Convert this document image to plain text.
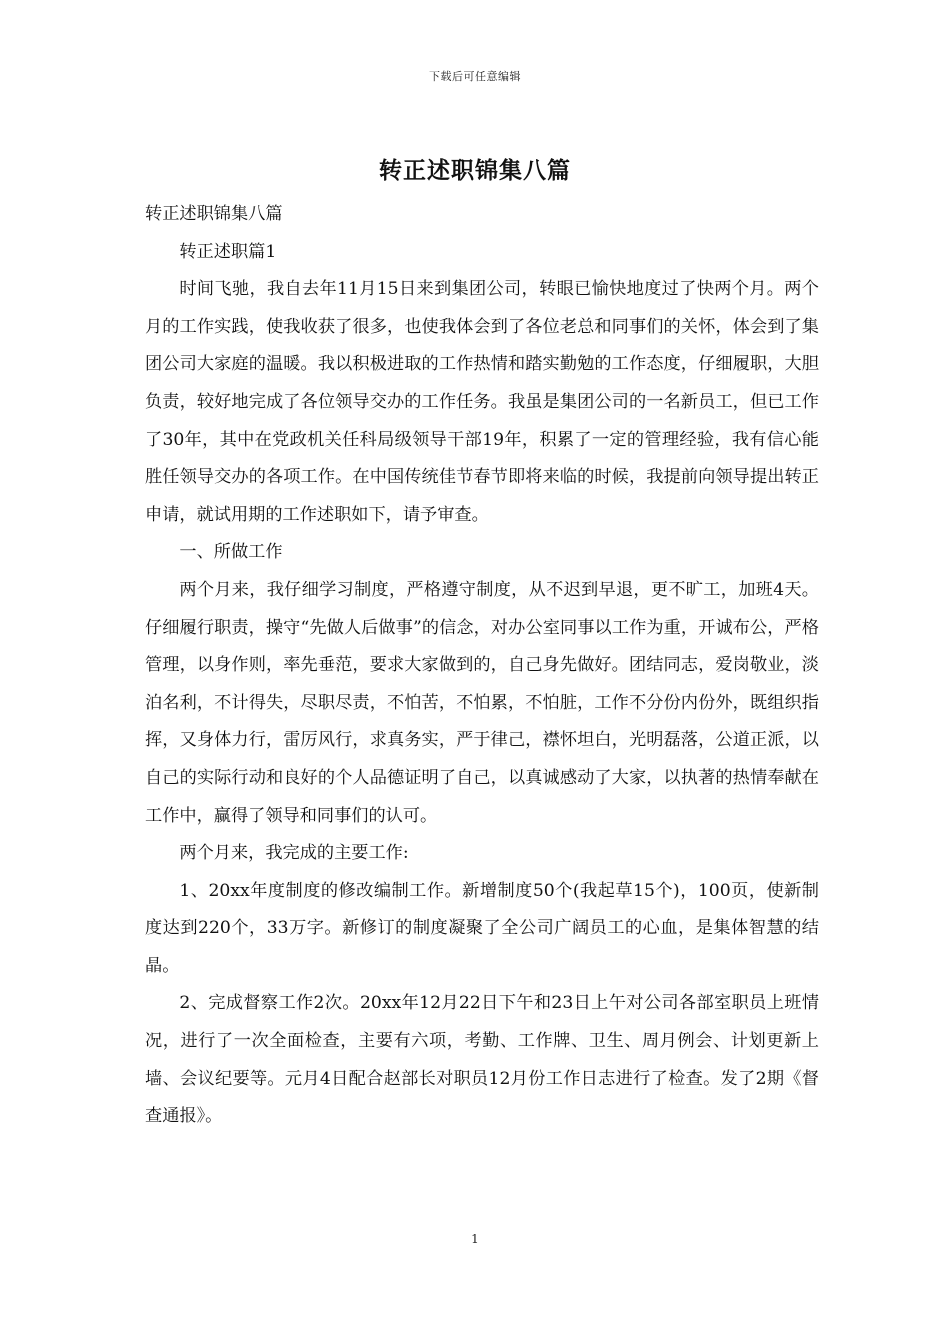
下载后可任意编辑
转正述职锦集八篇

转正述职锦集八篇

转正述职篇1

时间飞驰，我自去年11月15日来到集团公司，转眼已愉快地度过了快两个月。两个月的工作实践，使我收获了很多，也使我体会到了各位老总和同事们的关怀，体会到了集团公司大家庭的温暖。我以积极进取的工作热情和踏实勤勉的工作态度，仔细履职，大胆负责，较好地完成了各位领导交办的工作任务。我虽是集团公司的一名新员工，但已工作了30年，其中在党政机关任科局级领导干部19年，积累了一定的管理经验，我有信心能胜任领导交办的各项工作。在中国传统佳节春节即将来临的时候，我提前向领导提出转正申请，就试用期的工作述职如下，请予审查。

一、所做工作

两个月来，我仔细学习制度，严格遵守制度，从不迟到早退，更不旷工，加班4天。仔细履行职责，操守“先做人后做事”的信念，对办公室同事以工作为重，开诚布公，严格管理，以身作则，率先垂范，要求大家做到的，自己身先做好。团结同志，爱岗敬业，淡泊名利，不计得失，尽职尽责，不怕苦，不怕累，不怕脏，工作不分份内份外，既组织指挥，又身体力行，雷厉风行，求真务实，严于律己，襟怀坦白，光明磊落，公道正派，以自己的实际行动和良好的个人品德证明了自己，以真诚感动了大家，以执著的热情奉献在工作中，赢得了领导和同事们的认可。

两个月来，我完成的主要工作:

1、20xx年度制度的修改编制工作。新增制度50个(我起草15个)，100页，使新制度达到220个，33万字。新修订的制度凝聚了全公司广阔员工的心血，是集体智慧的结晶。

2、完成督察工作2次。20xx年12月22日下午和23日上午对公司各部室职员上班情况，进行了一次全面检查，主要有六项，考勤、工作牌、卫生、周月例会、计划更新上墙、会议纪要等。元月4日配合赵部长对职员12月份工作日志进行了检查。发了2期《督查通报》。

1
